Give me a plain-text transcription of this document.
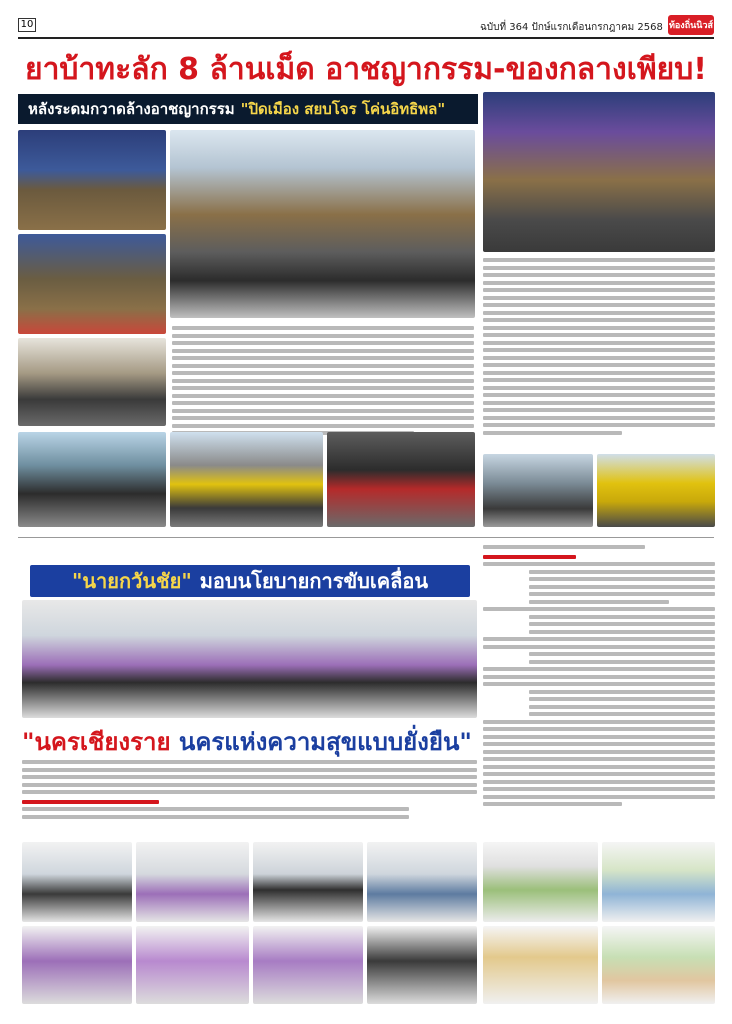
10	ฉบับที่ 364 ปักษ์แรกเดือนกรกฎาคม 2568 ท้องถิ่นนิวส์
ยาบ้าทะลัก 8 ล้านเม็ด อาชญากรรม-ของกลางเพียบ!
หลังระดมกวาดล้างอาชญากรรม "ปิดเมือง สยบโจร โค่นอิทธิพล"
"นายกวันชัย" มอบนโยบายการขับเคลื่อน
"นครเชียงราย นครแห่งความสุขแบบยั่งยืน"
